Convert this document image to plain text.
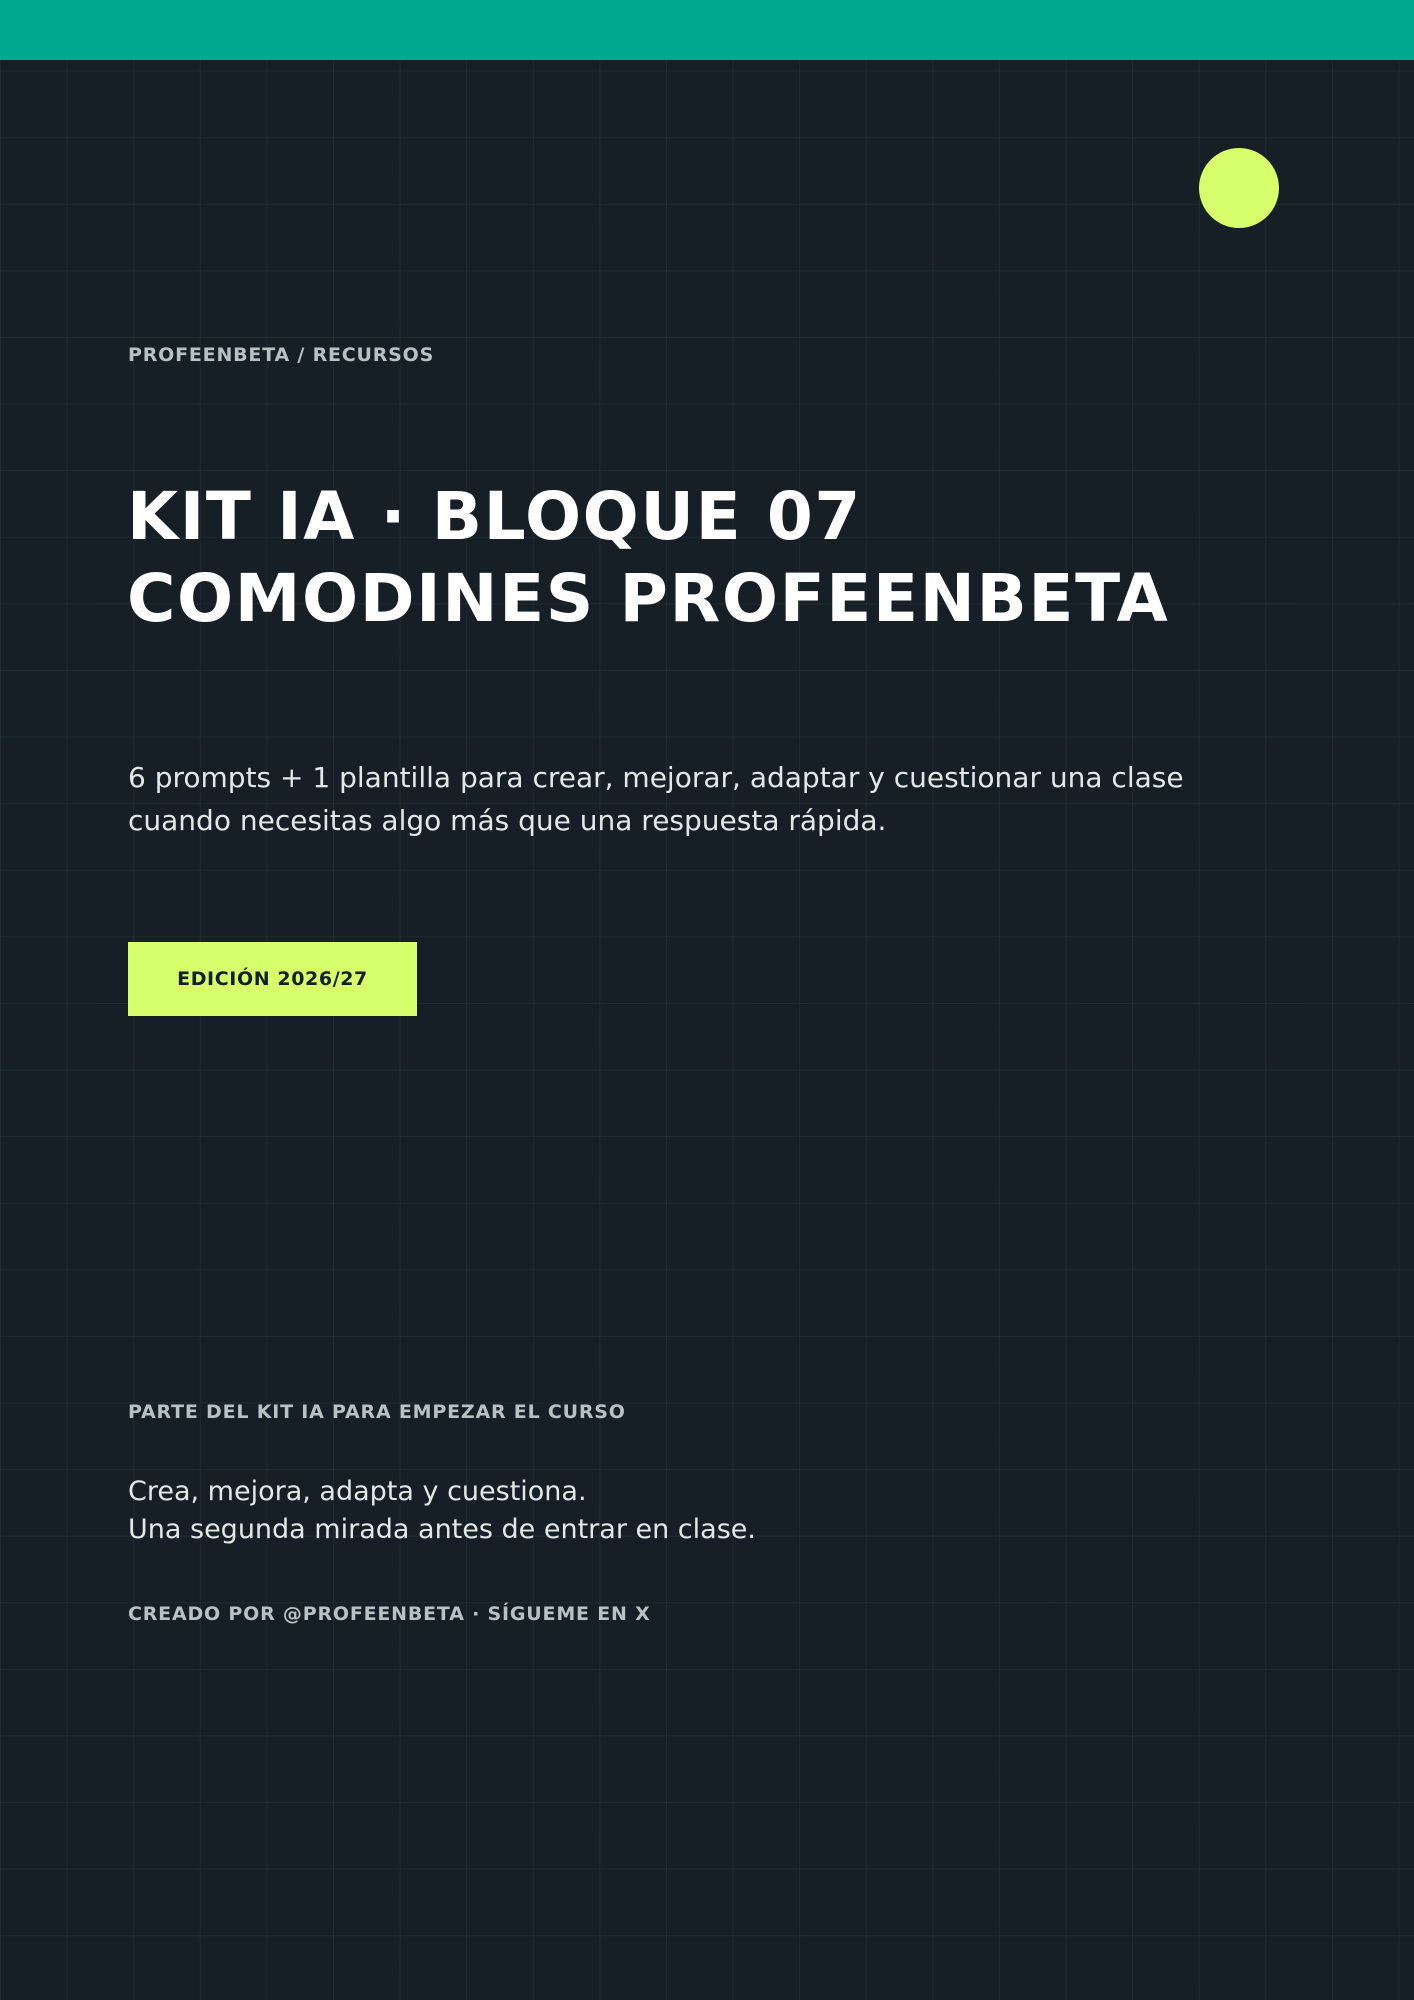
PROFEENBETA / RECURSOS

KIT IA · BLOQUE 07
COMODINES PROFEENBETA

6 prompts + 1 plantilla para crear, mejorar, adaptar y cuestionar una clase cuando necesitas algo más que una respuesta rápida.

EDICIÓN 2026/27

PARTE DEL KIT IA PARA EMPEZAR EL CURSO

Crea, mejora, adapta y cuestiona.
Una segunda mirada antes de entrar en clase.

CREADO POR @PROFEENBETA · SÍGUEME EN X
